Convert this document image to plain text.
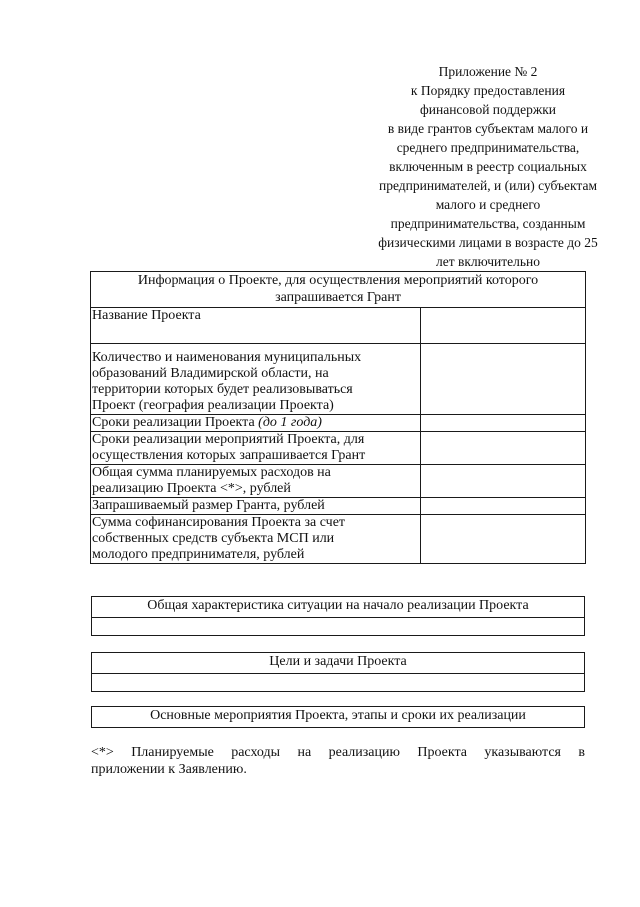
Приложение № 2
к Порядку предоставления
финансовой поддержки
в виде грантов субъектам малого и
среднего предпринимательства,
включенным в реестр социальных
предпринимателей, и (или) субъектам
малого и среднего
предпринимательства, созданным
физическими лицами в возрасте до 25
лет включительно
Информация о Проекте, для осуществления мероприятий которого
запрашивается Грант	

Название Проекта	

Количество и наименования муниципальных
образований Владимирской области, на
территории которых будет реализовываться
Проект (география реализации Проекта)	

Сроки реализации Проекта (до 1 года)	

Сроки реализации мероприятий Проекта, для
осуществления которых запрашивается Грант	

Общая сумма планируемых расходов на
реализацию Проекта <*>, рублей	

Запрашиваемый размер Гранта, рублей	

Сумма софинансирования Проекта за счет
собственных средств субъекта МСП или
молодого предпринимателя, рублей	

Общая характеристика ситуации на начало реализации Проекта

Цели и задачи Проекта

Основные мероприятия Проекта, этапы и сроки их реализации
<*> Планируемые расходы на реализацию Проекта указываются в
приложении к Заявлению.
